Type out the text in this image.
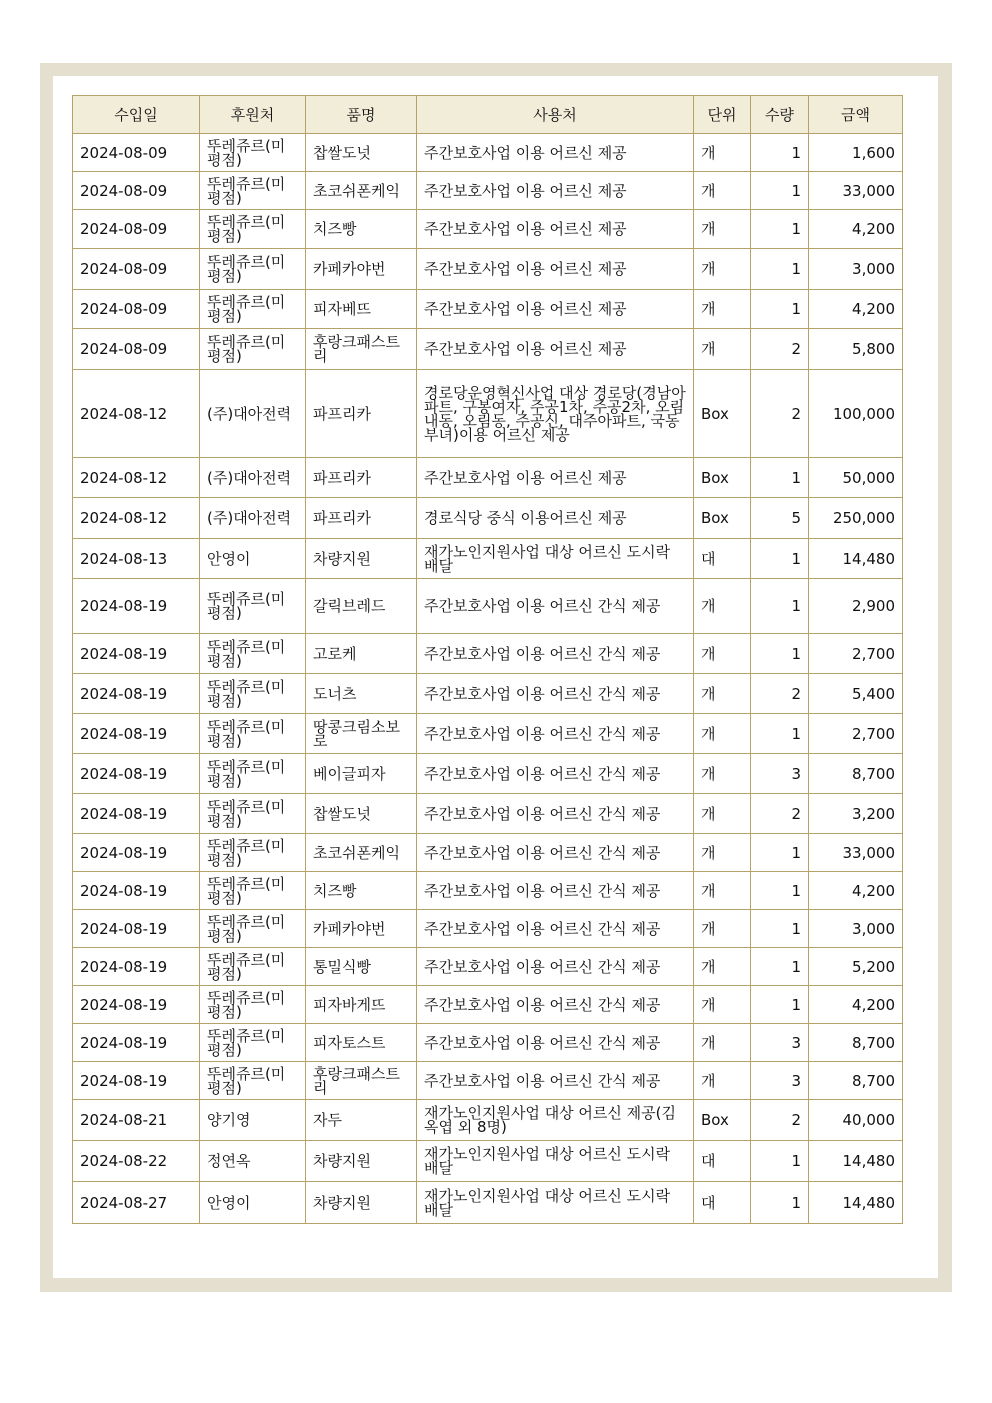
수입일	후원처	품명	사용처	단위	수량	금액
2024-08-09	뚜레쥬르(미평점)	찹쌀도넛	주간보호사업 이용 어르신 제공	개	1	1,600
2024-08-09	뚜레쥬르(미평점)	초코쉬폰케익	주간보호사업 이용 어르신 제공	개	1	33,000
2024-08-09	뚜레쥬르(미평점)	치즈빵	주간보호사업 이용 어르신 제공	개	1	4,200
2024-08-09	뚜레쥬르(미평점)	카페카야번	주간보호사업 이용 어르신 제공	개	1	3,000
2024-08-09	뚜레쥬르(미평점)	피자베뜨	주간보호사업 이용 어르신 제공	개	1	4,200
2024-08-09	뚜레쥬르(미평점)	후랑크패스트리	주간보호사업 이용 어르신 제공	개	2	5,800
2024-08-12	(주)대아전력	파프리카	경로당운영혁신사업 대상 경로당(경남아파트, 구봉여자, 주공1차, 주공2차, 오림내동, 오림동, 주공신, 대주아파트, 국동부녀)이용 어르신 제공	Box	2	100,000
2024-08-12	(주)대아전력	파프리카	주간보호사업 이용 어르신 제공	Box	1	50,000
2024-08-12	(주)대아전력	파프리카	경로식당 중식 이용어르신 제공	Box	5	250,000
2024-08-13	안영이	차량지원	재가노인지원사업 대상 어르신 도시락 배달	대	1	14,480
2024-08-19	뚜레쥬르(미평점)	갈릭브레드	주간보호사업 이용 어르신 간식 제공	개	1	2,900
2024-08-19	뚜레쥬르(미평점)	고로케	주간보호사업 이용 어르신 간식 제공	개	1	2,700
2024-08-19	뚜레쥬르(미평점)	도너츠	주간보호사업 이용 어르신 간식 제공	개	2	5,400
2024-08-19	뚜레쥬르(미평점)	땅콩크림소보로	주간보호사업 이용 어르신 간식 제공	개	1	2,700
2024-08-19	뚜레쥬르(미평점)	베이글피자	주간보호사업 이용 어르신 간식 제공	개	3	8,700
2024-08-19	뚜레쥬르(미평점)	찹쌀도넛	주간보호사업 이용 어르신 간식 제공	개	2	3,200
2024-08-19	뚜레쥬르(미평점)	초코쉬폰케익	주간보호사업 이용 어르신 간식 제공	개	1	33,000
2024-08-19	뚜레쥬르(미평점)	치즈빵	주간보호사업 이용 어르신 간식 제공	개	1	4,200
2024-08-19	뚜레쥬르(미평점)	카페카야번	주간보호사업 이용 어르신 간식 제공	개	1	3,000
2024-08-19	뚜레쥬르(미평점)	통밀식빵	주간보호사업 이용 어르신 간식 제공	개	1	5,200
2024-08-19	뚜레쥬르(미평점)	피자바게뜨	주간보호사업 이용 어르신 간식 제공	개	1	4,200
2024-08-19	뚜레쥬르(미평점)	피자토스트	주간보호사업 이용 어르신 간식 제공	개	3	8,700
2024-08-19	뚜레쥬르(미평점)	후랑크패스트리	주간보호사업 이용 어르신 간식 제공	개	3	8,700
2024-08-21	양기영	자두	재가노인지원사업 대상 어르신 제공(김옥엽 외 8명)	Box	2	40,000
2024-08-22	정연옥	차량지원	재가노인지원사업 대상 어르신 도시락 배달	대	1	14,480
2024-08-27	안영이	차량지원	재가노인지원사업 대상 어르신 도시락 배달	대	1	14,480
